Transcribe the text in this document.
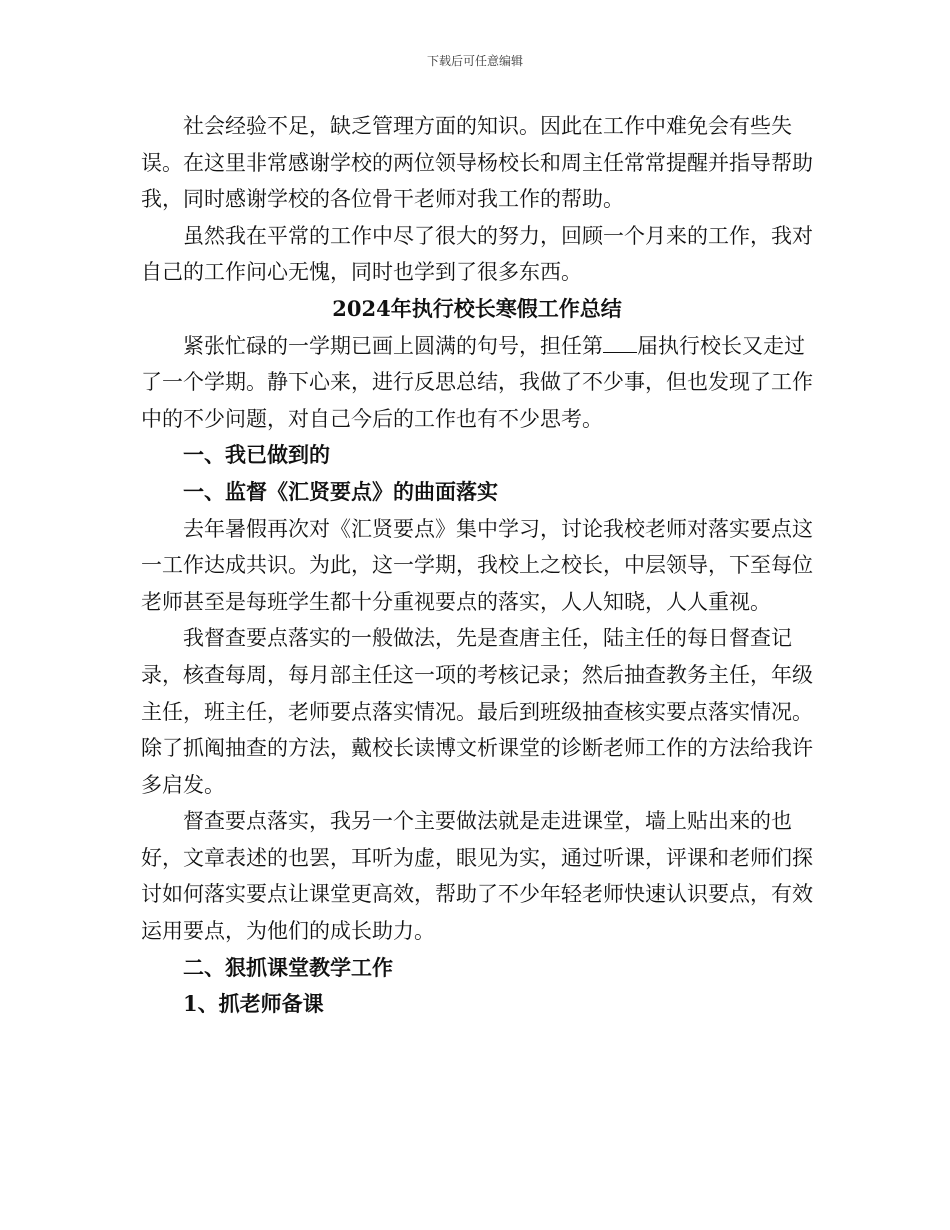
下载后可任意编辑

社会经验不足，缺乏管理方面的知识。因此在工作中难免会有些失误。在这里非常感谢学校的两位领导杨校长和周主任常常提醒并指导帮助我，同时感谢学校的各位骨干老师对我工作的帮助。

虽然我在平常的工作中尽了很大的努力，回顾一个月来的工作，我对自己的工作问心无愧，同时也学到了很多东西。

2024年执行校长寒假工作总结

紧张忙碌的一学期已画上圆满的句号，担任第 届执行校长又走过了一个学期。静下心来，进行反思总结，我做了不少事，但也发现了工作中的不少问题，对自己今后的工作也有不少思考。

一、我已做到的

一、监督《汇贤要点》的曲面落实

去年暑假再次对《汇贤要点》集中学习，讨论我校老师对落实要点这一工作达成共识。为此，这一学期，我校上之校长，中层领导，下至每位老师甚至是每班学生都十分重视要点的落实，人人知晓，人人重视。

我督查要点落实的一般做法，先是查唐主任，陆主任的每日督查记录，核查每周，每月部主任这一项的考核记录；然后抽查教务主任，年级主任，班主任，老师要点落实情况。最后到班级抽查核实要点落实情况。除了抓阄抽查的方法，戴校长读博文析课堂的诊断老师工作的方法给我许多启发。

督查要点落实，我另一个主要做法就是走进课堂，墙上贴出来的也好，文章表述的也罢，耳听为虚，眼见为实，通过听课，评课和老师们探讨如何落实要点让课堂更高效，帮助了不少年轻老师快速认识要点，有效运用要点，为他们的成长助力。

二、狠抓课堂教学工作

1、抓老师备课
